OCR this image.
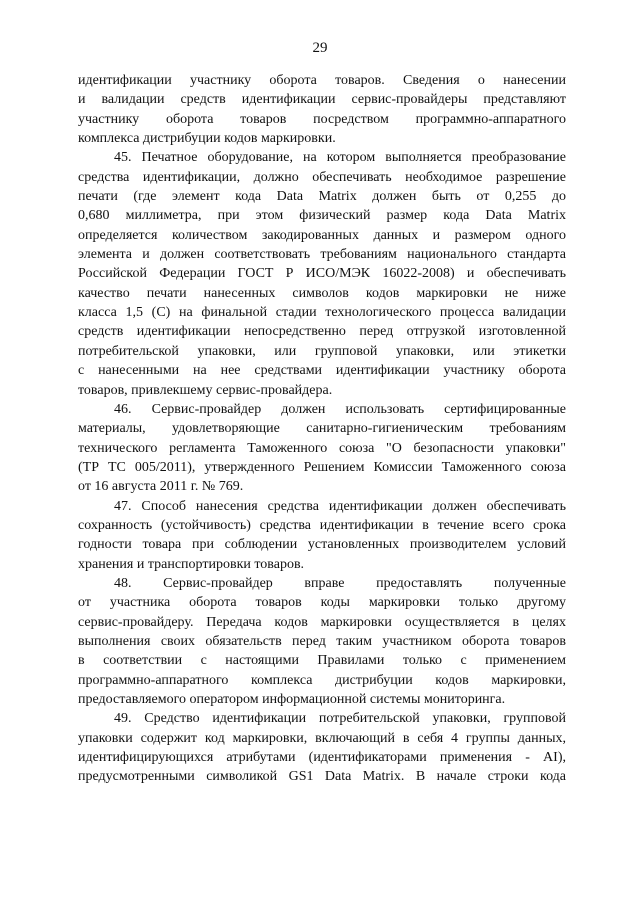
29
идентификации участнику оборота товаров. Сведения о нанесении
и валидации средств идентификации сервис-провайдеры представляют
участнику оборота товаров посредством программно-аппаратного
комплекса дистрибуции кодов маркировки.
45. Печатное оборудование, на котором выполняется преобразование
средства идентификации, должно обеспечивать необходимое разрешение
печати (где элемент кода Data Matrix должен быть от 0,255 до
0,680 миллиметра, при этом физический размер кода Data Matrix
определяется количеством закодированных данных и размером одного
элемента и должен соответствовать требованиям национального стандарта
Российской Федерации ГОСТ Р ИСО/МЭК 16022-2008) и обеспечивать
качество печати нанесенных символов кодов маркировки не ниже
класса 1,5 (С) на финальной стадии технологического процесса валидации
средств идентификации непосредственно перед отгрузкой изготовленной
потребительской упаковки, или групповой упаковки, или этикетки
с нанесенными на нее средствами идентификации участнику оборота
товаров, привлекшему сервис-провайдера.
46. Сервис-провайдер должен использовать сертифицированные
материалы, удовлетворяющие санитарно-гигиеническим требованиям
технического регламента Таможенного союза "О безопасности упаковки"
(ТР ТС 005/2011), утвержденного Решением Комиссии Таможенного союза
от 16 августа 2011 г. № 769.
47. Способ нанесения средства идентификации должен обеспечивать
сохранность (устойчивость) средства идентификации в течение всего срока
годности товара при соблюдении установленных производителем условий
хранения и транспортировки товаров.
48. Сервис-провайдер вправе предоставлять полученные
от участника оборота товаров коды маркировки только другому
сервис-провайдеру. Передача кодов маркировки осуществляется в целях
выполнения своих обязательств перед таким участником оборота товаров
в соответствии с настоящими Правилами только с применением
программно-аппаратного комплекса дистрибуции кодов маркировки,
предоставляемого оператором информационной системы мониторинга.
49. Средство идентификации потребительской упаковки, групповой
упаковки содержит код маркировки, включающий в себя 4 группы данных,
идентифицирующихся атрибутами (идентификаторами применения - AI),
предусмотренными символикой GS1 Data Matrix. В начале строки кода
